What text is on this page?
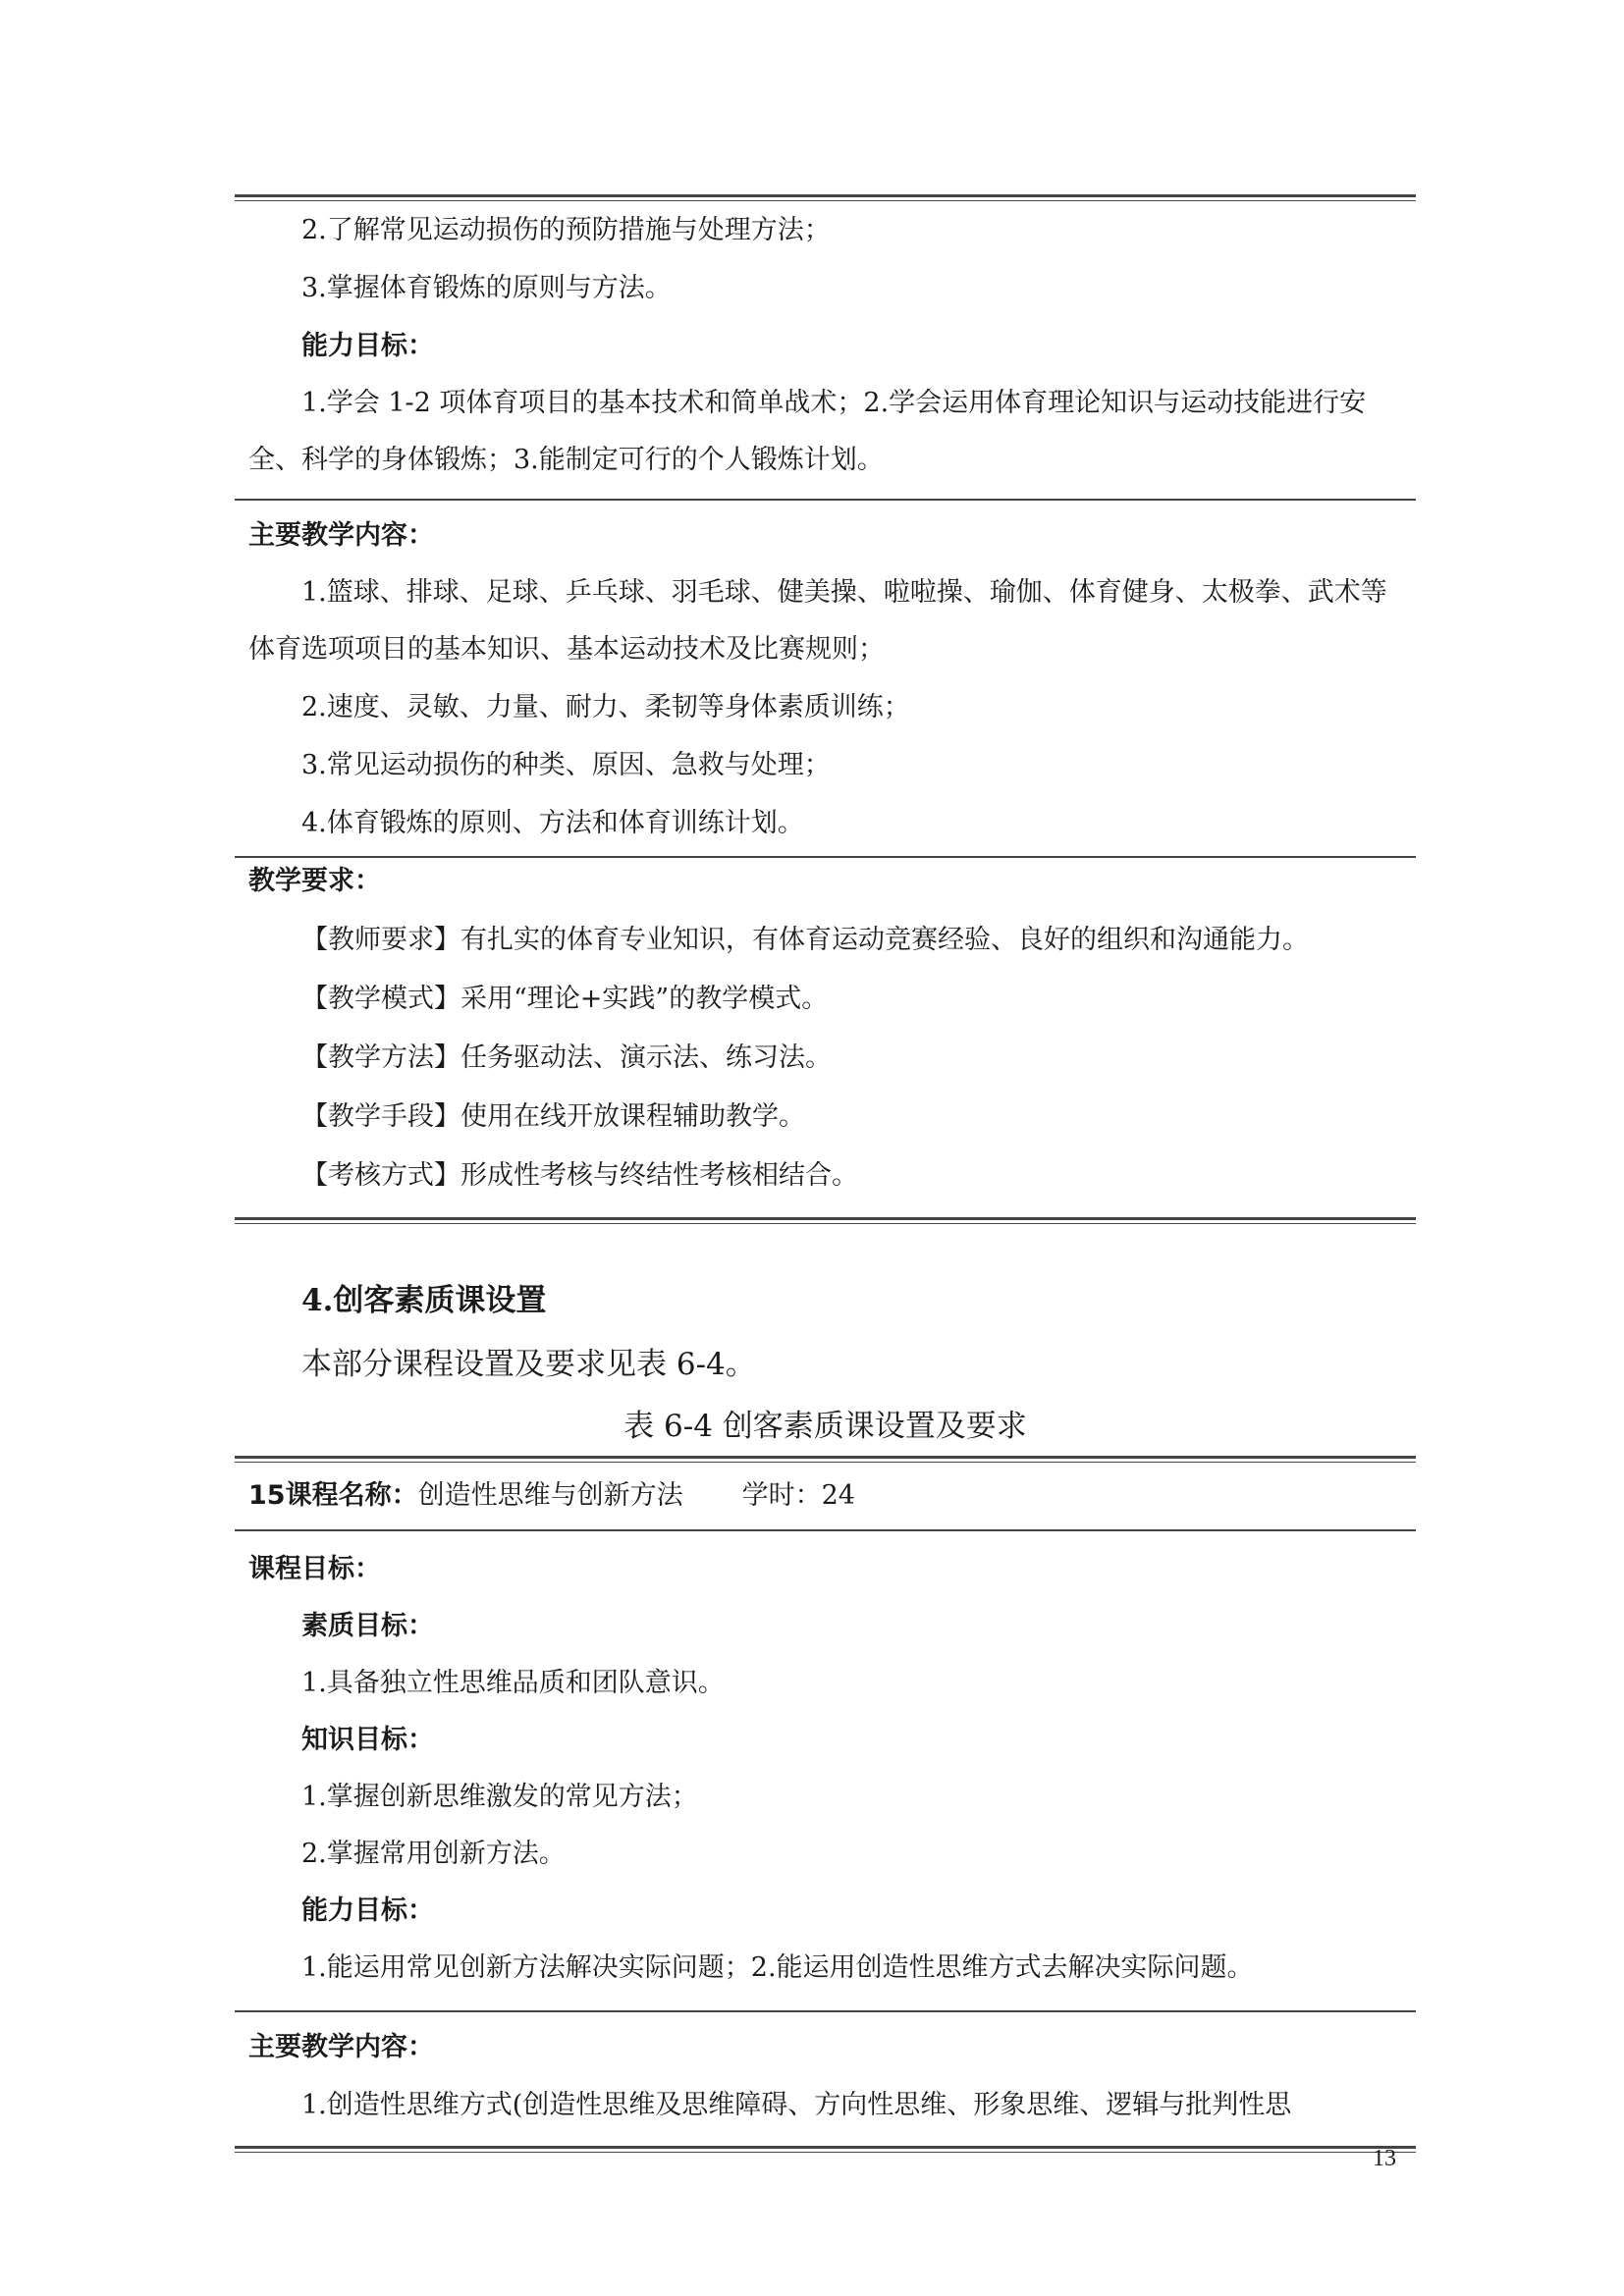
2.了解常见运动损伤的预防措施与处理方法；
3.掌握体育锻炼的原则与方法。
能力目标：
1.学会 1-2 项体育项目的基本技术和简单战术；2.学会运用体育理论知识与运动技能进行安全、科学的身体锻炼；3.能制定可行的个人锻炼计划。
主要教学内容：
1.篮球、排球、足球、乒乓球、羽毛球、健美操、啦啦操、瑜伽、体育健身、太极拳、武术等体育选项项目的基本知识、基本运动技术及比赛规则；
2.速度、灵敏、力量、耐力、柔韧等身体素质训练；
3.常见运动损伤的种类、原因、急救与处理；
4.体育锻炼的原则、方法和体育训练计划。
教学要求：
【教师要求】有扎实的体育专业知识，有体育运动竞赛经验、良好的组织和沟通能力。
【教学模式】采用“理论+实践”的教学模式。
【教学方法】任务驱动法、演示法、练习法。
【教学手段】使用在线开放课程辅助教学。
【考核方式】形成性考核与终结性考核相结合。
4.创客素质课设置
本部分课程设置及要求见表 6-4。
表 6-4 创客素质课设置及要求
15课程名称：创造性思维与创新方法 学时：24
课程目标：
素质目标：
1.具备独立性思维品质和团队意识。
知识目标：
1.掌握创新思维激发的常见方法；
2.掌握常用创新方法。
能力目标：
1.能运用常见创新方法解决实际问题；2.能运用创造性思维方式去解决实际问题。
主要教学内容：
1.创造性思维方式(创造性思维及思维障碍、方向性思维、形象思维、逻辑与批判性思
13
